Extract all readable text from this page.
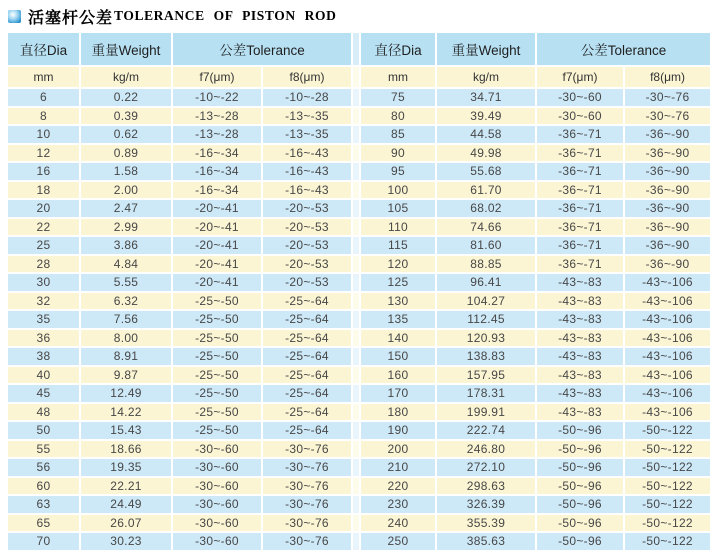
活塞杆公差 TOLERANCE OF PISTON ROD
直径Dia	重量Weight	公差Tolerance			直径Dia	重量Weight	公差Tolerance	
mm	kg/m	f7(μm)	f8(μm)		mm	kg/m	f7(μm)	f8(μm)
6	0.22	-10~-22	-10~-28		75	34.71	-30~-60	-30~-76
8	0.39	-13~-28	-13~-35		80	39.49	-30~-60	-30~-76
10	0.62	-13~-28	-13~-35		85	44.58	-36~-71	-36~-90
12	0.89	-16~-34	-16~-43		90	49.98	-36~-71	-36~-90
16	1.58	-16~-34	-16~-43		95	55.68	-36~-71	-36~-90
18	2.00	-16~-34	-16~-43		100	61.70	-36~-71	-36~-90
20	2.47	-20~-41	-20~-53		105	68.02	-36~-71	-36~-90
22	2.99	-20~-41	-20~-53		110	74.66	-36~-71	-36~-90
25	3.86	-20~-41	-20~-53		115	81.60	-36~-71	-36~-90
28	4.84	-20~-41	-20~-53		120	88.85	-36~-71	-36~-90
30	5.55	-20~-41	-20~-53		125	96.41	-43~-83	-43~-106
32	6.32	-25~-50	-25~-64		130	104.27	-43~-83	-43~-106
35	7.56	-25~-50	-25~-64		135	112.45	-43~-83	-43~-106
36	8.00	-25~-50	-25~-64		140	120.93	-43~-83	-43~-106
38	8.91	-25~-50	-25~-64		150	138.83	-43~-83	-43~-106
40	9.87	-25~-50	-25~-64		160	157.95	-43~-83	-43~-106
45	12.49	-25~-50	-25~-64		170	178.31	-43~-83	-43~-106
48	14.22	-25~-50	-25~-64		180	199.91	-43~-83	-43~-106
50	15.43	-25~-50	-25~-64		190	222.74	-50~-96	-50~-122
55	18.66	-30~-60	-30~-76		200	246.80	-50~-96	-50~-122
56	19.35	-30~-60	-30~-76		210	272.10	-50~-96	-50~-122
60	22.21	-30~-60	-30~-76		220	298.63	-50~-96	-50~-122
63	24.49	-30~-60	-30~-76		230	326.39	-50~-96	-50~-122
65	26.07	-30~-60	-30~-76		240	355.39	-50~-96	-50~-122
70	30.23	-30~-60	-30~-76		250	385.63	-50~-96	-50~-122
